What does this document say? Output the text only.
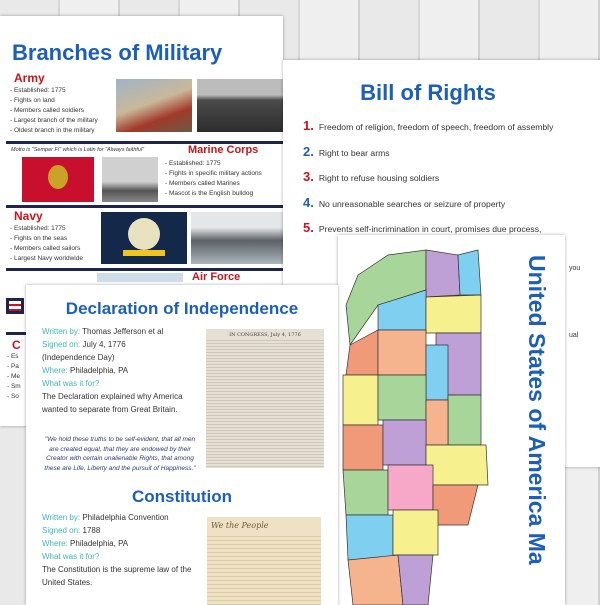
Branches of Military
Army
- Established: 1775
- Fights on land
- Members called soldiers
- Largest branch of the military
- Oldest branch in the military
Motto is "Semper Fi" which is Latin for "Always faithful"	Marine Corps
- Established: 1775
- Fights in specific military actions
- Members called Marines
- Mascot is the English bulldog
Navy
- Established: 1775
- Fights on the seas
- Members called sailors
- Largest Navy worldwide
Air Force
C
- Es
- Pa
- Me
- Sm
- So
Bill of Rights
1. Freedom of religion, freedom of speech, freedom of assembly
2. Right to bear arms
3. Right to refuse housing soldiers
4. No unreasonable searches or seizure of property
5. Prevents self-incrimination in court, promises due process,
you
ual
United States of America Ma
Declaration of Independence
Written by: Thomas Jefferson et al
Signed on: July 4, 1776
(Independence Day)
Where: Philadelphia, PA
What was it for?
The Declaration explained why America wanted to separate from Great Britain.
"We hold these truths to be self-evident, that all men are created equal, that they are endowed by their Creator with certain unalienable Rights, that among these are Life, Liberty and the pursuit of Happiness."
IN CONGRESS, July 4, 1776
Constitution
Written by: Philadelphia Convention
Signed on: 1788
Where: Philadelphia, PA
What was it for?
The Constitution is the supreme law of the United States.
We the People
